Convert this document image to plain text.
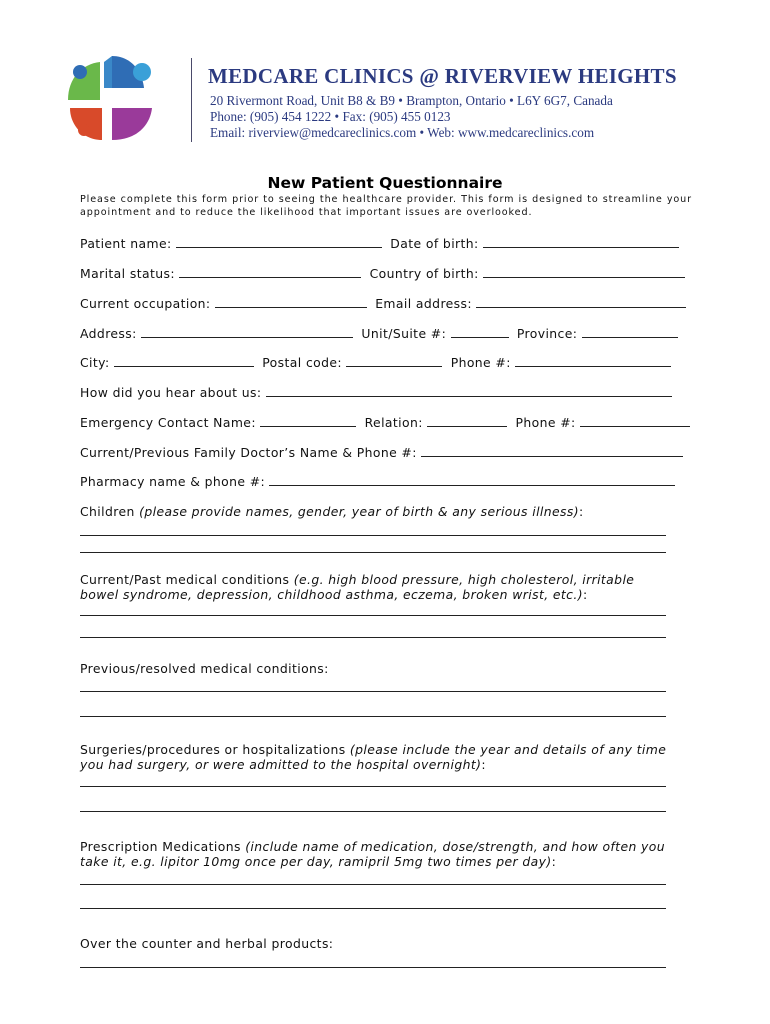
MEDCARE CLINICS @ RIVERVIEW HEIGHTS
20 Rivermont Road, Unit B8 & B9 • Brampton, Ontario • L6Y 6G7, Canada
Phone: (905) 454 1222 • Fax: (905) 455 0123
Email: riverview@medcareclinics.com • Web: www.medcareclinics.com
New Patient Questionnaire
Please complete this form prior to seeing the healthcare provider. This form is designed to streamline your appointment and to reduce the likelihood that important issues are overlooked.
Patient name:	Date of birth:
Marital status:	Country of birth:
Current occupation:	Email address:
Address:	Unit/Suite #:	Province:
City:	Postal code:	Phone #:
How did you hear about us:
Emergency Contact Name:	Relation:	Phone #:
Current/Previous Family Doctor’s Name & Phone #:
Pharmacy name & phone #:
Children (please provide names, gender, year of birth & any serious illness):
Current/Past medical conditions (e.g. high blood pressure, high cholesterol, irritable bowel syndrome, depression, childhood asthma, eczema, broken wrist, etc.):
Previous/resolved medical conditions:
Surgeries/procedures or hospitalizations (please include the year and details of any time you had surgery, or were admitted to the hospital overnight):
Prescription Medications (include name of medication, dose/strength, and how often you take it, e.g. lipitor 10mg once per day, ramipril 5mg two times per day):
Over the counter and herbal products:
